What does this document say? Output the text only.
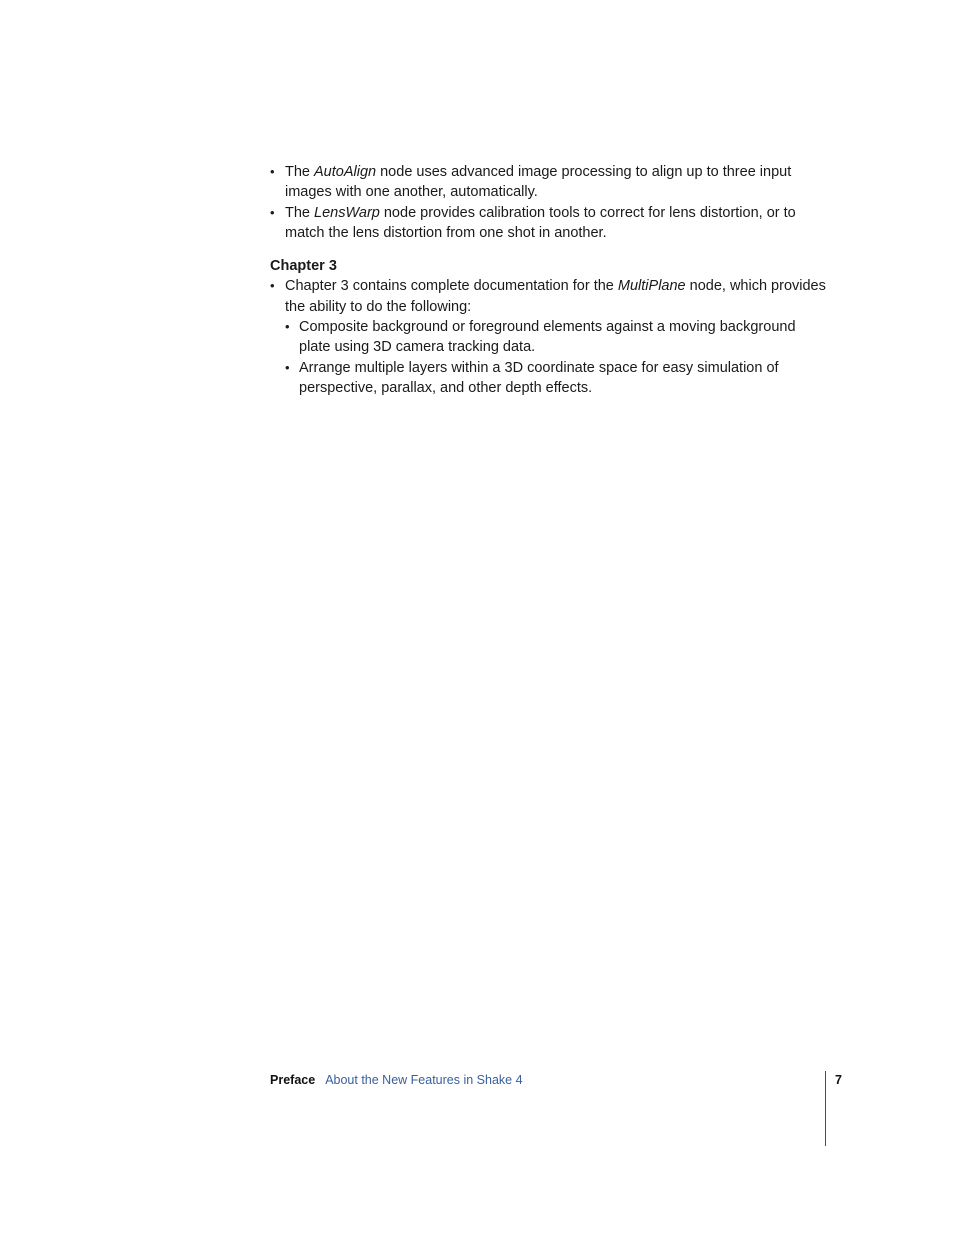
• The AutoAlign node uses advanced image processing to align up to three input images with one another, automatically.
• The LensWarp node provides calibration tools to correct for lens distortion, or to match the lens distortion from one shot in another.
Chapter 3
• Chapter 3 contains complete documentation for the MultiPlane node, which provides the ability to do the following:
• Composite background or foreground elements against a moving background plate using 3D camera tracking data.
• Arrange multiple layers within a 3D coordinate space for easy simulation of perspective, parallax, and other depth effects.
Preface About the New Features in Shake 4	7
